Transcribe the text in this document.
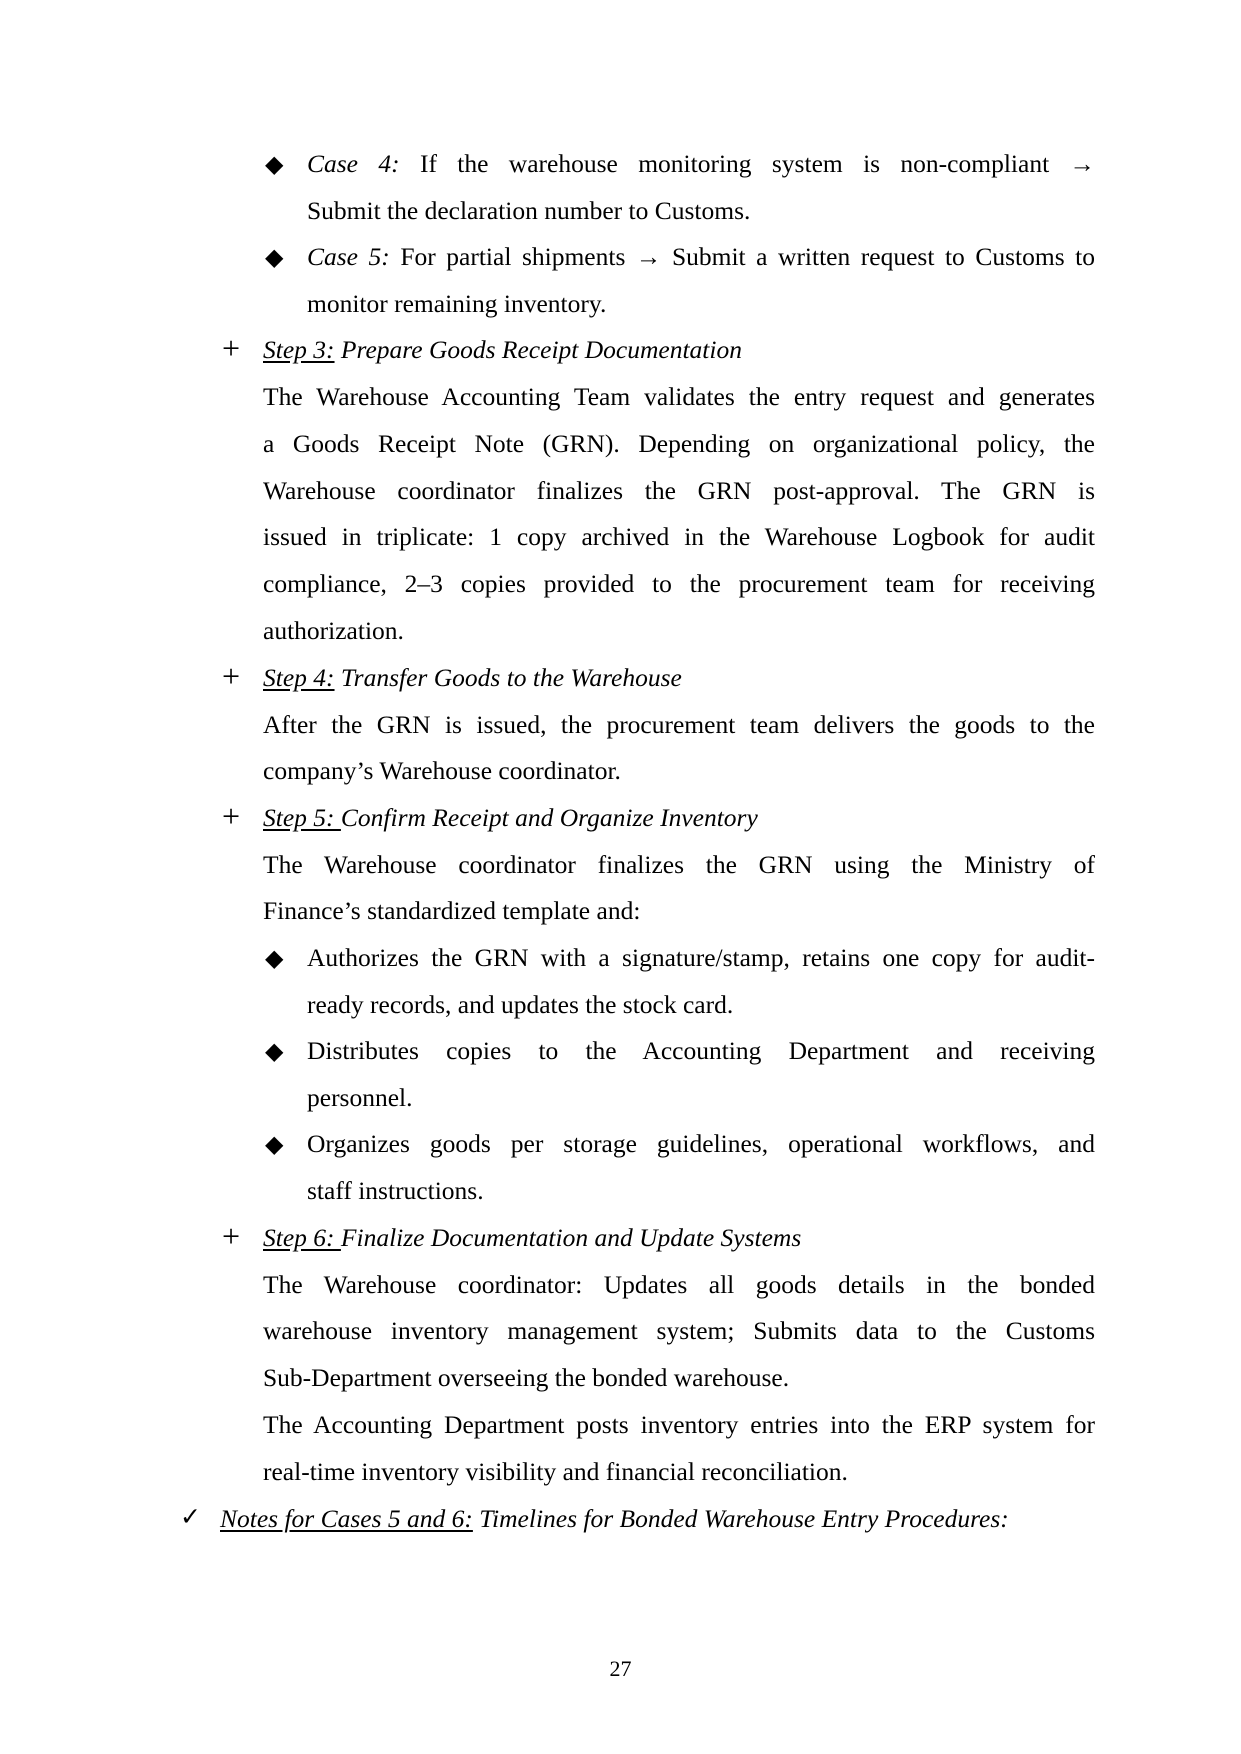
◆ Case 4: If the warehouse monitoring system is non-compliant →

Submit the declaration number to Customs.

◆ Case 5: For partial shipments → Submit a written request to Customs to

monitor remaining inventory.

+ Step 3: Prepare Goods Receipt Documentation

The Warehouse Accounting Team validates the entry request and generates

a Goods Receipt Note (GRN). Depending on organizational policy, the

Warehouse coordinator finalizes the GRN post-approval. The GRN is

issued in triplicate: 1 copy archived in the Warehouse Logbook for audit

compliance, 2–3 copies provided to the procurement team for receiving

authorization.

+ Step 4: Transfer Goods to the Warehouse

After the GRN is issued, the procurement team delivers the goods to the

company’s Warehouse coordinator.

+ Step 5: Confirm Receipt and Organize Inventory

The Warehouse coordinator finalizes the GRN using the Ministry of

Finance’s standardized template and:

◆ Authorizes the GRN with a signature/stamp, retains one copy for audit-

ready records, and updates the stock card.

◆ Distributes copies to the Accounting Department and receiving

personnel.

◆ Organizes goods per storage guidelines, operational workflows, and

staff instructions.

+ Step 6: Finalize Documentation and Update Systems

The Warehouse coordinator: Updates all goods details in the bonded

warehouse inventory management system; Submits data to the Customs

Sub-Department overseeing the bonded warehouse.

The Accounting Department posts inventory entries into the ERP system for

real-time inventory visibility and financial reconciliation.

✓ Notes for Cases 5 and 6: Timelines for Bonded Warehouse Entry Procedures:

27
